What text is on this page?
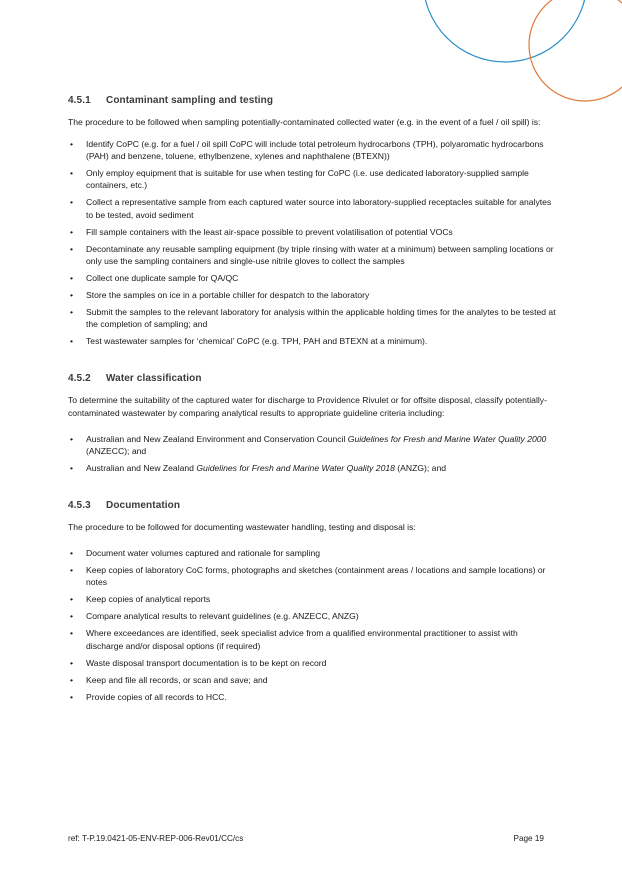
4.5.1	Contaminant sampling and testing

The procedure to be followed when sampling potentially-contaminated collected water (e.g. in the event of a fuel / oil spill) is:

• Identify CoPC (e.g. for a fuel / oil spill CoPC will include total petroleum hydrocarbons (TPH), polyaromatic hydrocarbons (PAH) and benzene, toluene, ethylbenzene, xylenes and naphthalene (BTEXN))
• Only employ equipment that is suitable for use when testing for CoPC (i.e. use dedicated laboratory-supplied sample containers, etc.)
• Collect a representative sample from each captured water source into laboratory-supplied receptacles suitable for analytes to be tested, avoid sediment
• Fill sample containers with the least air-space possible to prevent volatilisation of potential VOCs
• Decontaminate any reusable sampling equipment (by triple rinsing with water at a minimum) between sampling locations or only use the sampling containers and single-use nitrile gloves to collect the samples
• Collect one duplicate sample for QA/QC
• Store the samples on ice in a portable chiller for despatch to the laboratory
• Submit the samples to the relevant laboratory for analysis within the applicable holding times for the analytes to be tested at the completion of sampling; and
• Test wastewater samples for ‘chemical’ CoPC (e.g. TPH, PAH and BTEXN at a minimum).
4.5.2	Water classification

To determine the suitability of the captured water for discharge to Providence Rivulet or for offsite disposal, classify potentially-contaminated wastewater by comparing analytical results to appropriate guideline criteria including:

• Australian and New Zealand Environment and Conservation Council Guidelines for Fresh and Marine Water Quality 2000 (ANZECC); and
• Australian and New Zealand Guidelines for Fresh and Marine Water Quality 2018 (ANZG); and
4.5.3	Documentation

The procedure to be followed for documenting wastewater handling, testing and disposal is:

• Document water volumes captured and rationale for sampling
• Keep copies of laboratory CoC forms, photographs and sketches (containment areas / locations and sample locations) or notes
• Keep copies of analytical reports
• Compare analytical results to relevant guidelines (e.g. ANZECC, ANZG)
• Where exceedances are identified, seek specialist advice from a qualified environmental practitioner to assist with discharge and/or disposal options (if required)
• Waste disposal transport documentation is to be kept on record
• Keep and file all records, or scan and save; and
• Provide copies of all records to HCC.
ref: T-P.19.0421-05-ENV-REP-006-Rev01/CC/cs	Page 19
